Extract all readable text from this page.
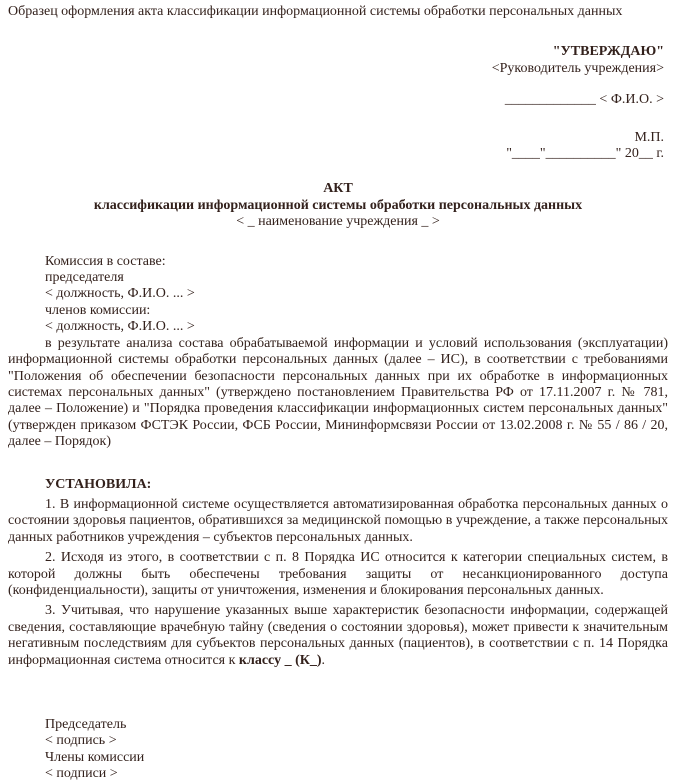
Образец оформления акта классификации информационной системы обработки персональных данных
"УТВЕРЖДАЮ"
<Руководитель учреждения>
_____________ < Ф.И.О. >
М.П.
"____"__________" 20__ г.
АКТ
классификации информационной системы обработки персональных данных
< _ наименование учреждения _ >
Комиссия в составе:
председателя
< должность, Ф.И.О. ... >
членов комиссии:
< должность, Ф.И.О. ... >

в результате анализа состава обрабатываемой информации и условий использования (эксплуатации) информационной системы обработки персональных данных (далее – ИС), в соответствии с требованиями "Положения об обеспечении безопасности персональных данных при их обработке в информационных системах персональных данных" (утверждено постановлением Правительства РФ от 17.11.2007 г. № 781, далее – Положение) и "Порядка проведения классификации информационных систем персональных данных" (утвержден приказом ФСТЭК России, ФСБ России, Мининформсвязи России от 13.02.2008 г. № 55 / 86 / 20, далее – Порядок)

УСТАНОВИЛА:

1. В информационной системе осуществляется автоматизированная обработка персональных данных о состоянии здоровья пациентов, обратившихся за медицинской помощью в учреждение, а также персональных данных работников учреждения – субъектов персональных данных.

2. Исходя из этого, в соответствии с п. 8 Порядка ИС относится к категории специальных систем, в которой должны быть обеспечены требования защиты от несанкционированного доступа (конфиденциальности), защиты от уничтожения, изменения и блокирования персональных данных.

3. Учитывая, что нарушение указанных выше характеристик безопасности информации, содержащей сведения, составляющие врачебную тайну (сведения о состоянии здоровья), может привести к значительным негативным последствиям для субъектов персональных данных (пациентов), в соответствии с п. 14 Порядка информационная система относится к классу _ (К_).

Председатель
< подпись >
Члены комиссии
< подписи >
